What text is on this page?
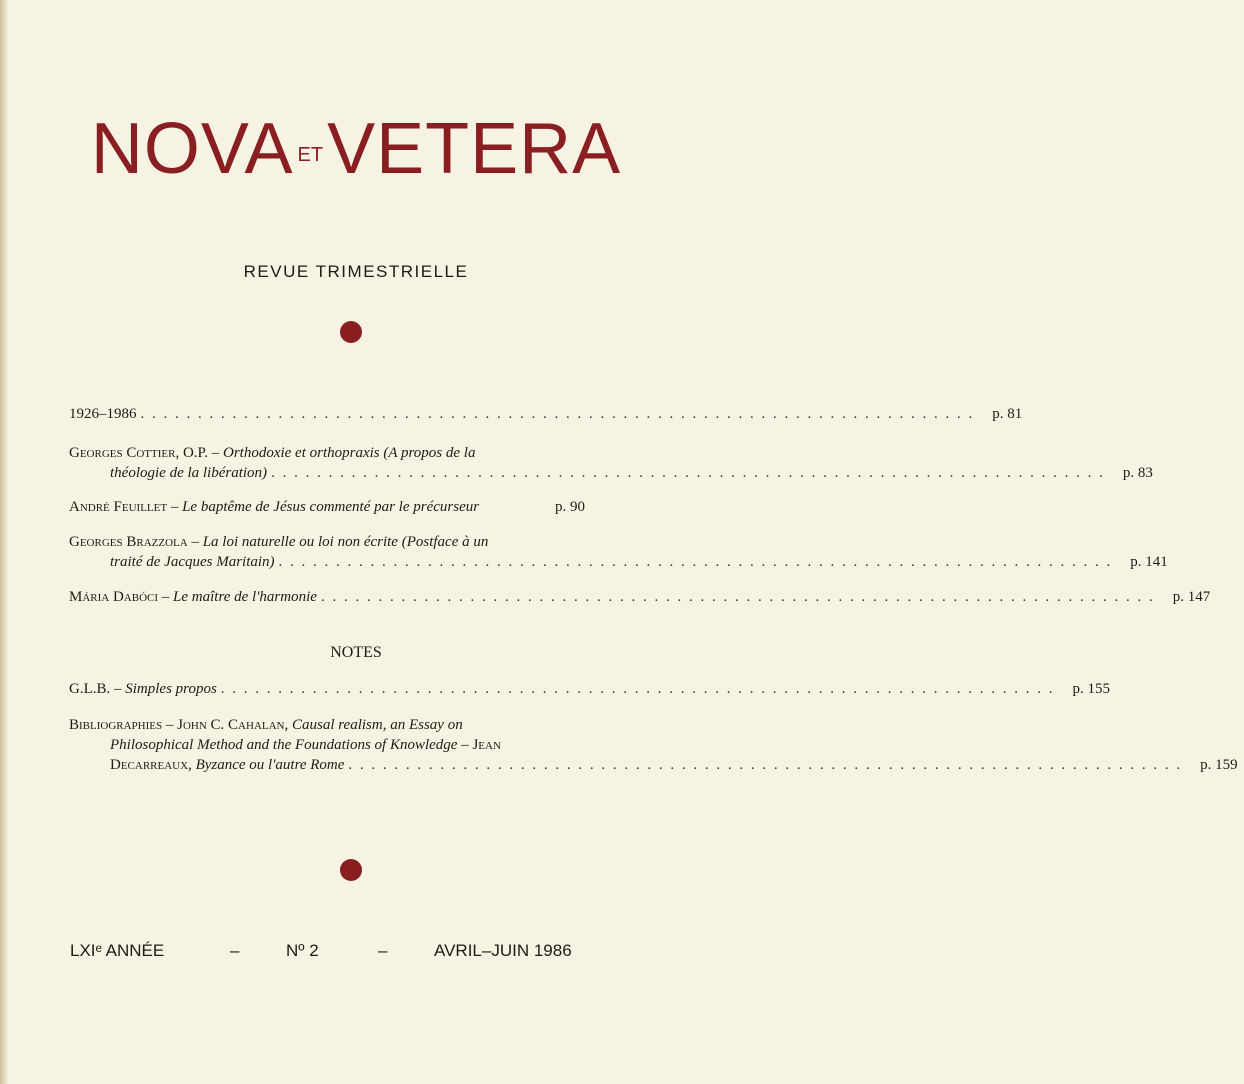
NOVA ETVETERA
REVUE TRIMESTRIELLE
1926–1986 . . .	p. 81
Georges Cottier, O.P. – Orthodoxie et orthopraxis (A propos de la
théologie de la libération) . . .	p. 83
André Feuillet – Le baptême de Jésus commenté par le précurseur	p. 90
Georges Brazzola – La loi naturelle ou loi non écrite (Postface à un
traité de Jacques Maritain) . . .	p. 141
Mária Dabóci – Le maître de l'harmonie . . .	p. 147
NOTES
G.L.B. – Simples propos . . .	p. 155
Bibliographies – John C. Cahalan, Causal realism, an Essay on
Philosophical Method and the Foundations of Knowledge – Jean
Decarreaux, Byzance ou l'autre Rome . . .	p. 159
LXIᵉ ANNÉE	–	Nº 2	–	AVRIL–JUIN 1986
